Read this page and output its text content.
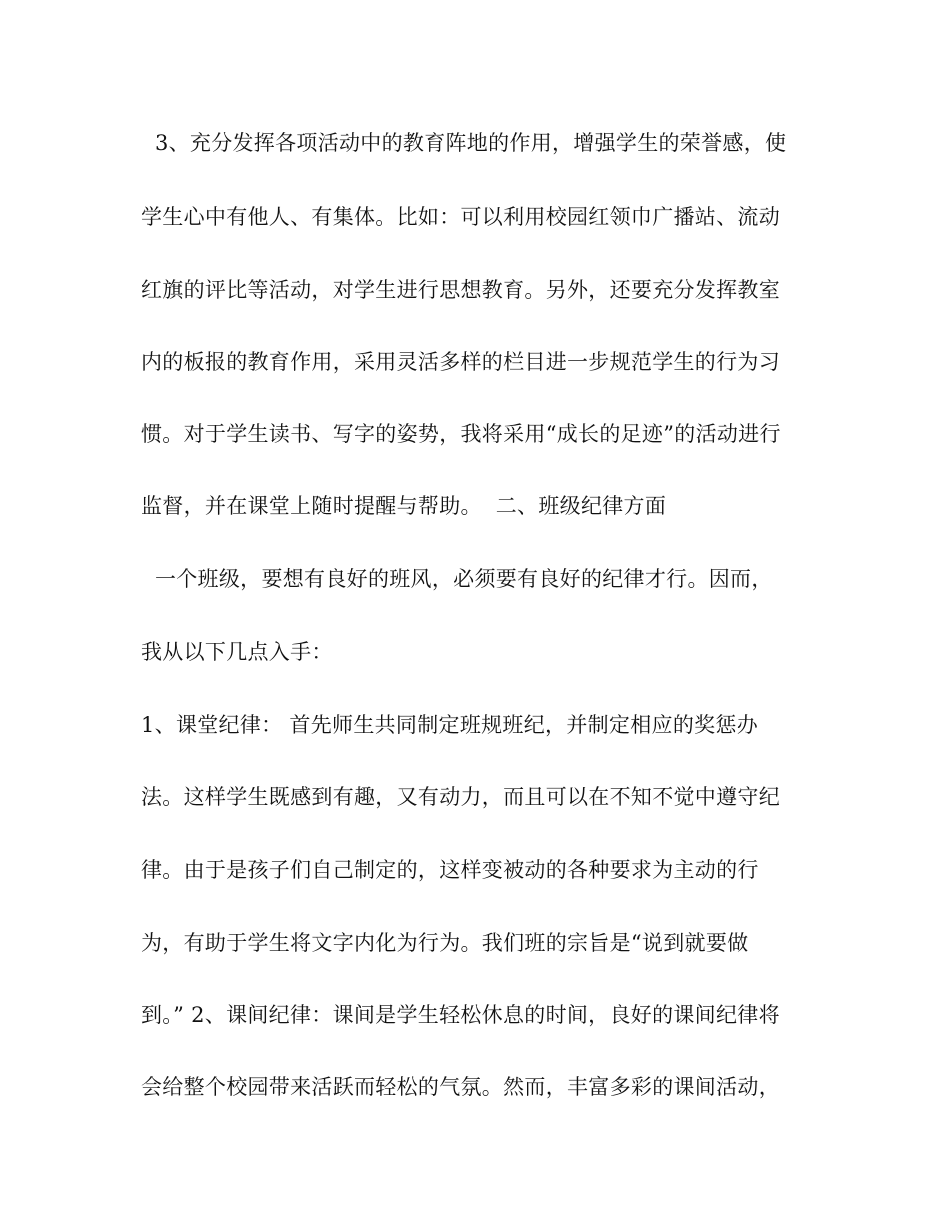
3、充分发挥各项活动中的教育阵地的作用，增强学生的荣誉感，使
学生心中有他人、有集体。比如：可以利用校园红领巾广播站、流动
红旗的评比等活动，对学生进行思想教育。另外，还要充分发挥教室
内的板报的教育作用，采用灵活多样的栏目进一步规范学生的行为习
惯。对于学生读书、写字的姿势，我将采用“成长的足迹”的活动进行
监督，并在课堂上随时提醒与帮助。  二、班级纪律方面
一个班级，要想有良好的班风，必须要有良好的纪律才行。因而，
我从以下几点入手：
1、课堂纪律： 首先师生共同制定班规班纪，并制定相应的奖惩办
法。这样学生既感到有趣，又有动力，而且可以在不知不觉中遵守纪
律。由于是孩子们自己制定的，这样变被动的各种要求为主动的行
为，有助于学生将文字内化为行为。我们班的宗旨是“说到就要做
到。” 2、课间纪律：课间是学生轻松休息的时间，良好的课间纪律将
会给整个校园带来活跃而轻松的气氛。然而，丰富多彩的课间活动，
